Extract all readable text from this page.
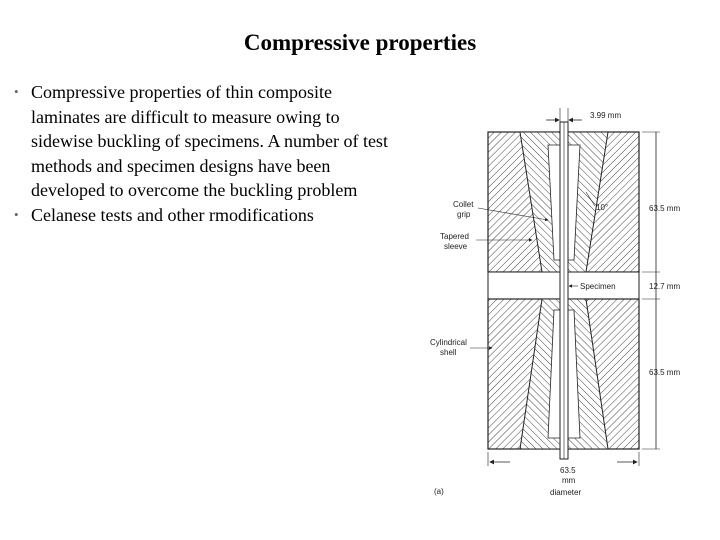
Compressive properties
• Compressive properties of thin composite laminates are difficult to measure owing to sidewise buckling of specimens. A number of test methods and specimen designs have been developed to overcome the buckling problem
• Celanese tests and other rmodifications
3.99 mm
63.5 mm
12.7 mm
63.5 mm
10°
Collet
grip
Tapered
sleeve
Cylindrical
shell
Specimen
63.5
mm
diameter
(a)
